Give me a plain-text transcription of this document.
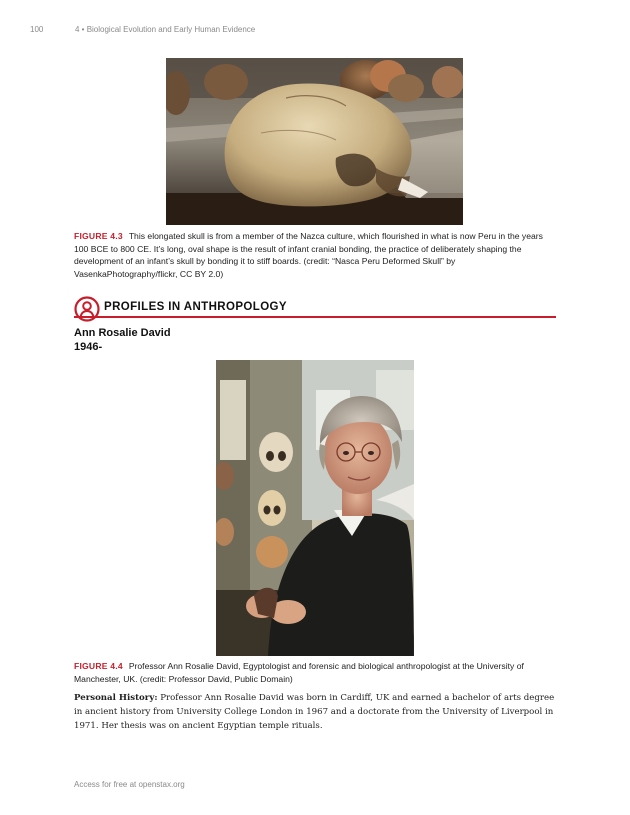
100	4 • Biological Evolution and Early Human Evidence
FIGURE 4.3 This elongated skull is from a member of the Nazca culture, which flourished in what is now Peru in the years 100 BCE to 800 CE. It’s long, oval shape is the result of infant cranial bonding, the practice of deliberately shaping the development of an infant’s skull by bonding it to stiff boards. (credit: “Nasca Peru Deformed Skull” by VasenkaPhotography/flickr, CC BY 2.0)
PROFILES IN ANTHROPOLOGY
Ann Rosalie David
1946-
FIGURE 4.4 Professor Ann Rosalie David, Egyptologist and forensic and biological anthropologist at the University of Manchester, UK. (credit: Professor David, Public Domain)
Personal History: Professor Ann Rosalie David was born in Cardiff, UK and earned a bachelor of arts degree in ancient history from University College London in 1967 and a doctorate from the University of Liverpool in 1971. Her thesis was on ancient Egyptian temple rituals.
Access for free at openstax.org
